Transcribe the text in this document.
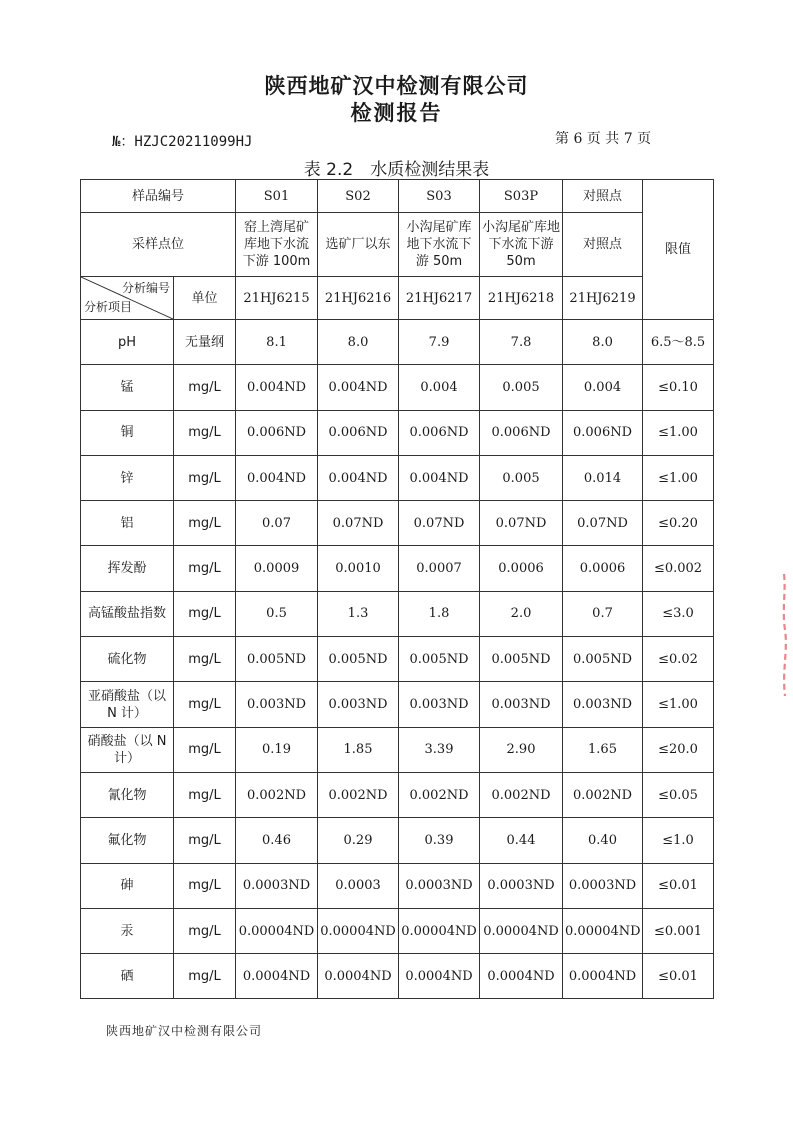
陕西地矿汉中检测有限公司
检测报告
№：HZJC20211099HJ	第 6 页 共 7 页
表 2.2　水质检测结果表
样品编号		S01	S02	S03	S03P	对照点	限值
采样点位		窑上湾尾矿库地下水流下游 100m	选矿厂以东	小沟尾矿库地下水流下游 50m	小沟尾矿库地下水流下游 50m	对照点	

分析编号
分析项目	单位	21HJ6215	21HJ6216	21HJ6217	21HJ6218	21HJ6219	
pH	无量纲	8.1	8.0	7.9	7.8	8.0	6.5～8.5
锰	mg/L	0.004ND	0.004ND	0.004	0.005	0.004	≤0.10
铜	mg/L	0.006ND	0.006ND	0.006ND	0.006ND	0.006ND	≤1.00
锌	mg/L	0.004ND	0.004ND	0.004ND	0.005	0.014	≤1.00
铝	mg/L	0.07	0.07ND	0.07ND	0.07ND	0.07ND	≤0.20
挥发酚	mg/L	0.0009	0.0010	0.0007	0.0006	0.0006	≤0.002
高锰酸盐指数	mg/L	0.5	1.3	1.8	2.0	0.7	≤3.0
硫化物	mg/L	0.005ND	0.005ND	0.005ND	0.005ND	0.005ND	≤0.02
亚硝酸盐（以 N 计）	mg/L	0.003ND	0.003ND	0.003ND	0.003ND	0.003ND	≤1.00
硝酸盐（以 N 计）	mg/L	0.19	1.85	3.39	2.90	1.65	≤20.0
氰化物	mg/L	0.002ND	0.002ND	0.002ND	0.002ND	0.002ND	≤0.05
氟化物	mg/L	0.46	0.29	0.39	0.44	0.40	≤1.0
砷	mg/L	0.0003ND	0.0003	0.0003ND	0.0003ND	0.0003ND	≤0.01
汞	mg/L	0.00004ND	0.00004ND	0.00004ND	0.00004ND	0.00004ND	≤0.001
硒	mg/L	0.0004ND	0.0004ND	0.0004ND	0.0004ND	0.0004ND	≤0.01
陕西地矿汉中检测有限公司
